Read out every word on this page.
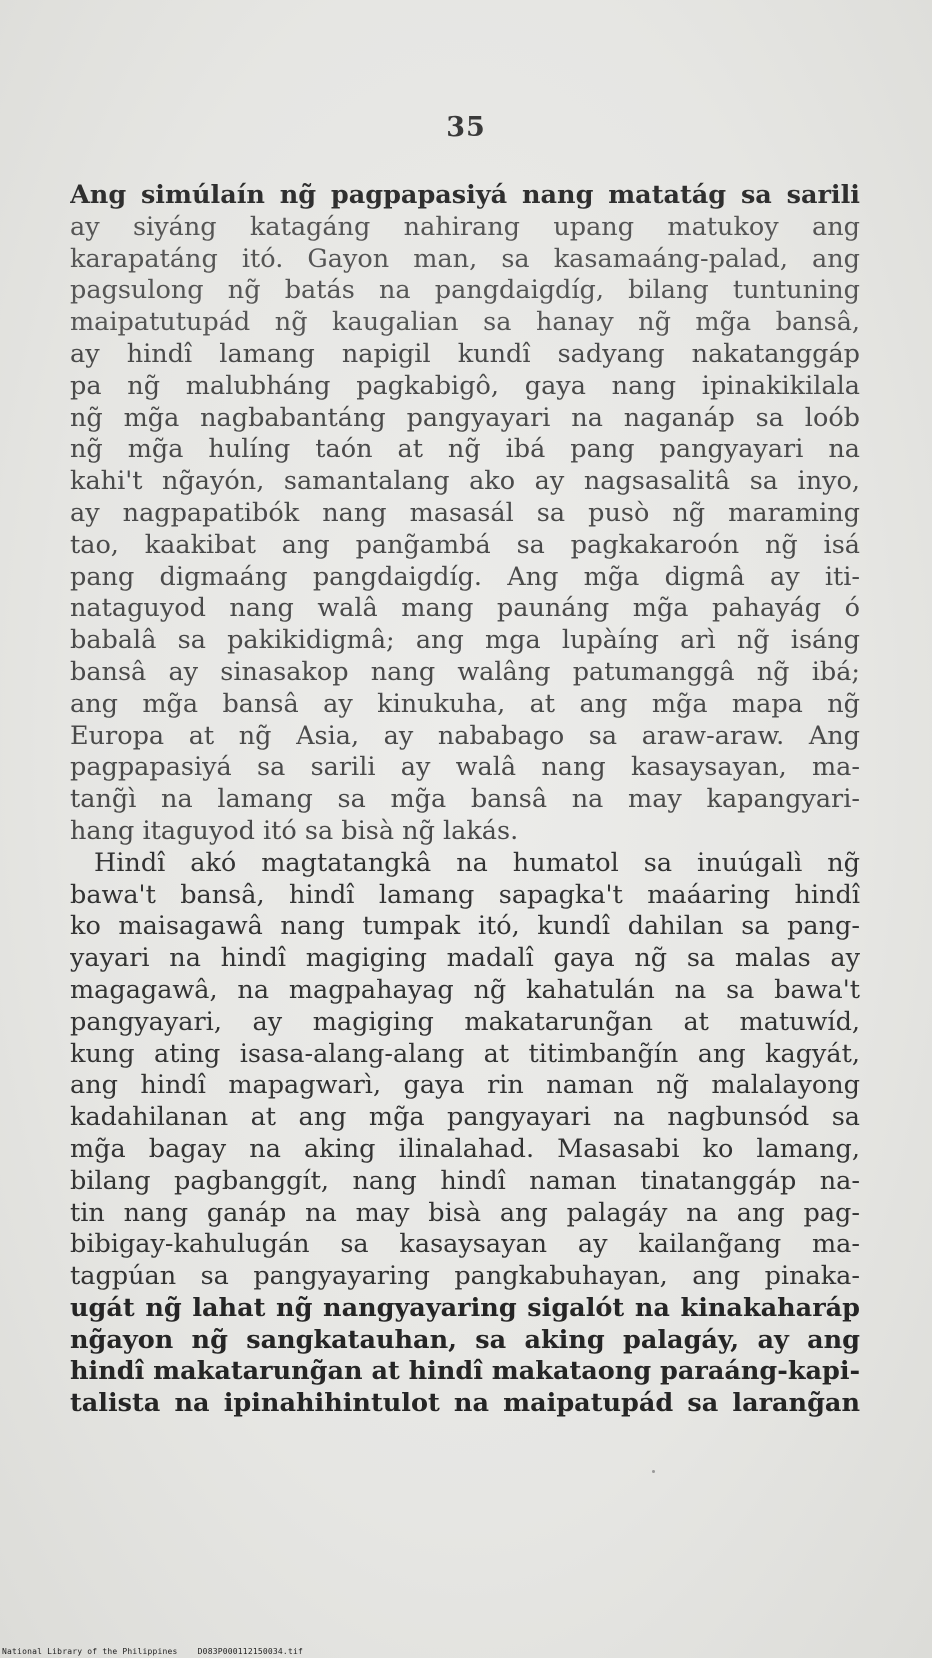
35
Ang simúlaín ng̃ pagpapasiyá nang matatág sa sarili
ay siyáng katagáng nahirang upang matukoy ang
karapatáng itó. Gayon man, sa kasamaáng-palad, ang
pagsulong ng̃ batás na pangdaigdíg, bilang tuntuning
maipatutupád ng̃ kaugalian sa hanay ng̃ mg̃a bansâ,
ay hindî lamang napigil kundî sadyang nakatanggáp
pa ng̃ malubháng pagkabigô, gaya nang ipinakikilala
ng̃ mg̃a nagbabantáng pangyayari na naganáp sa loób
ng̃ mg̃a hulíng taón at ng̃ ibá pang pangyayari na
kahi't ng̃ayón, samantalang ako ay nagsasalitâ sa inyo,
ay nagpapatibók nang masasál sa pusò ng̃ maraming
tao, kaakibat ang pang̃ambá sa pagkakaroón ng̃ isá
pang digmaáng pangdaigdíg. Ang mg̃a digmâ ay iti-
nataguyod nang walâ mang paunáng mg̃a pahayág ó
babalâ sa pakikidigmâ; ang mga lupàíng arì ng̃ isáng
bansâ ay sinasakop nang walâng patumanggâ ng̃ ibá;
ang mg̃a bansâ ay kinukuha, at ang mg̃a mapa ng̃
Europa at ng̃ Asia, ay nababago sa araw-araw. Ang
pagpapasiyá sa sarili ay walâ nang kasaysayan, ma-
tang̃ì na lamang sa mg̃a bansâ na may kapangyari-
hang itaguyod itó sa bisà ng̃ lakás.
Hindî akó magtatangkâ na humatol sa inuúgalì ng̃
bawa't bansâ, hindî lamang sapagka't maáaring hindî
ko maisagawâ nang tumpak itó, kundî dahilan sa pang-
yayari na hindî magiging madalî gaya ng̃ sa malas ay
magagawâ, na magpahayag ng̃ kahatulán na sa bawa't
pangyayari, ay magiging makatarung̃an at matuwíd,
kung ating isasa-alang-alang at titimbang̃ín ang kagyát,
ang hindî mapagwarì, gaya rin naman ng̃ malalayong
kadahilanan at ang mg̃a pangyayari na nagbunsód sa
mg̃a bagay na aking ilinalahad. Masasabi ko lamang,
bilang pagbanggít, nang hindî naman tinatanggáp na-
tin nang ganáp na may bisà ang palagáy na ang pag-
bibigay-kahulugán sa kasaysayan ay kailang̃ang ma-
tagpúan sa pangyayaring pangkabuhayan, ang pinaka-
ugát ng̃ lahat ng̃ nangyayaring sigalót na kinakaharáp
ng̃ayon ng̃ sangkatauhan, sa aking palagáy, ay ang
hindî makatarung̃an at hindî makataong paraáng-kapi-
talista na ipinahihintulot na maipatupád sa larang̃an
National Library of the Philippines	D083P000112150034.tif
